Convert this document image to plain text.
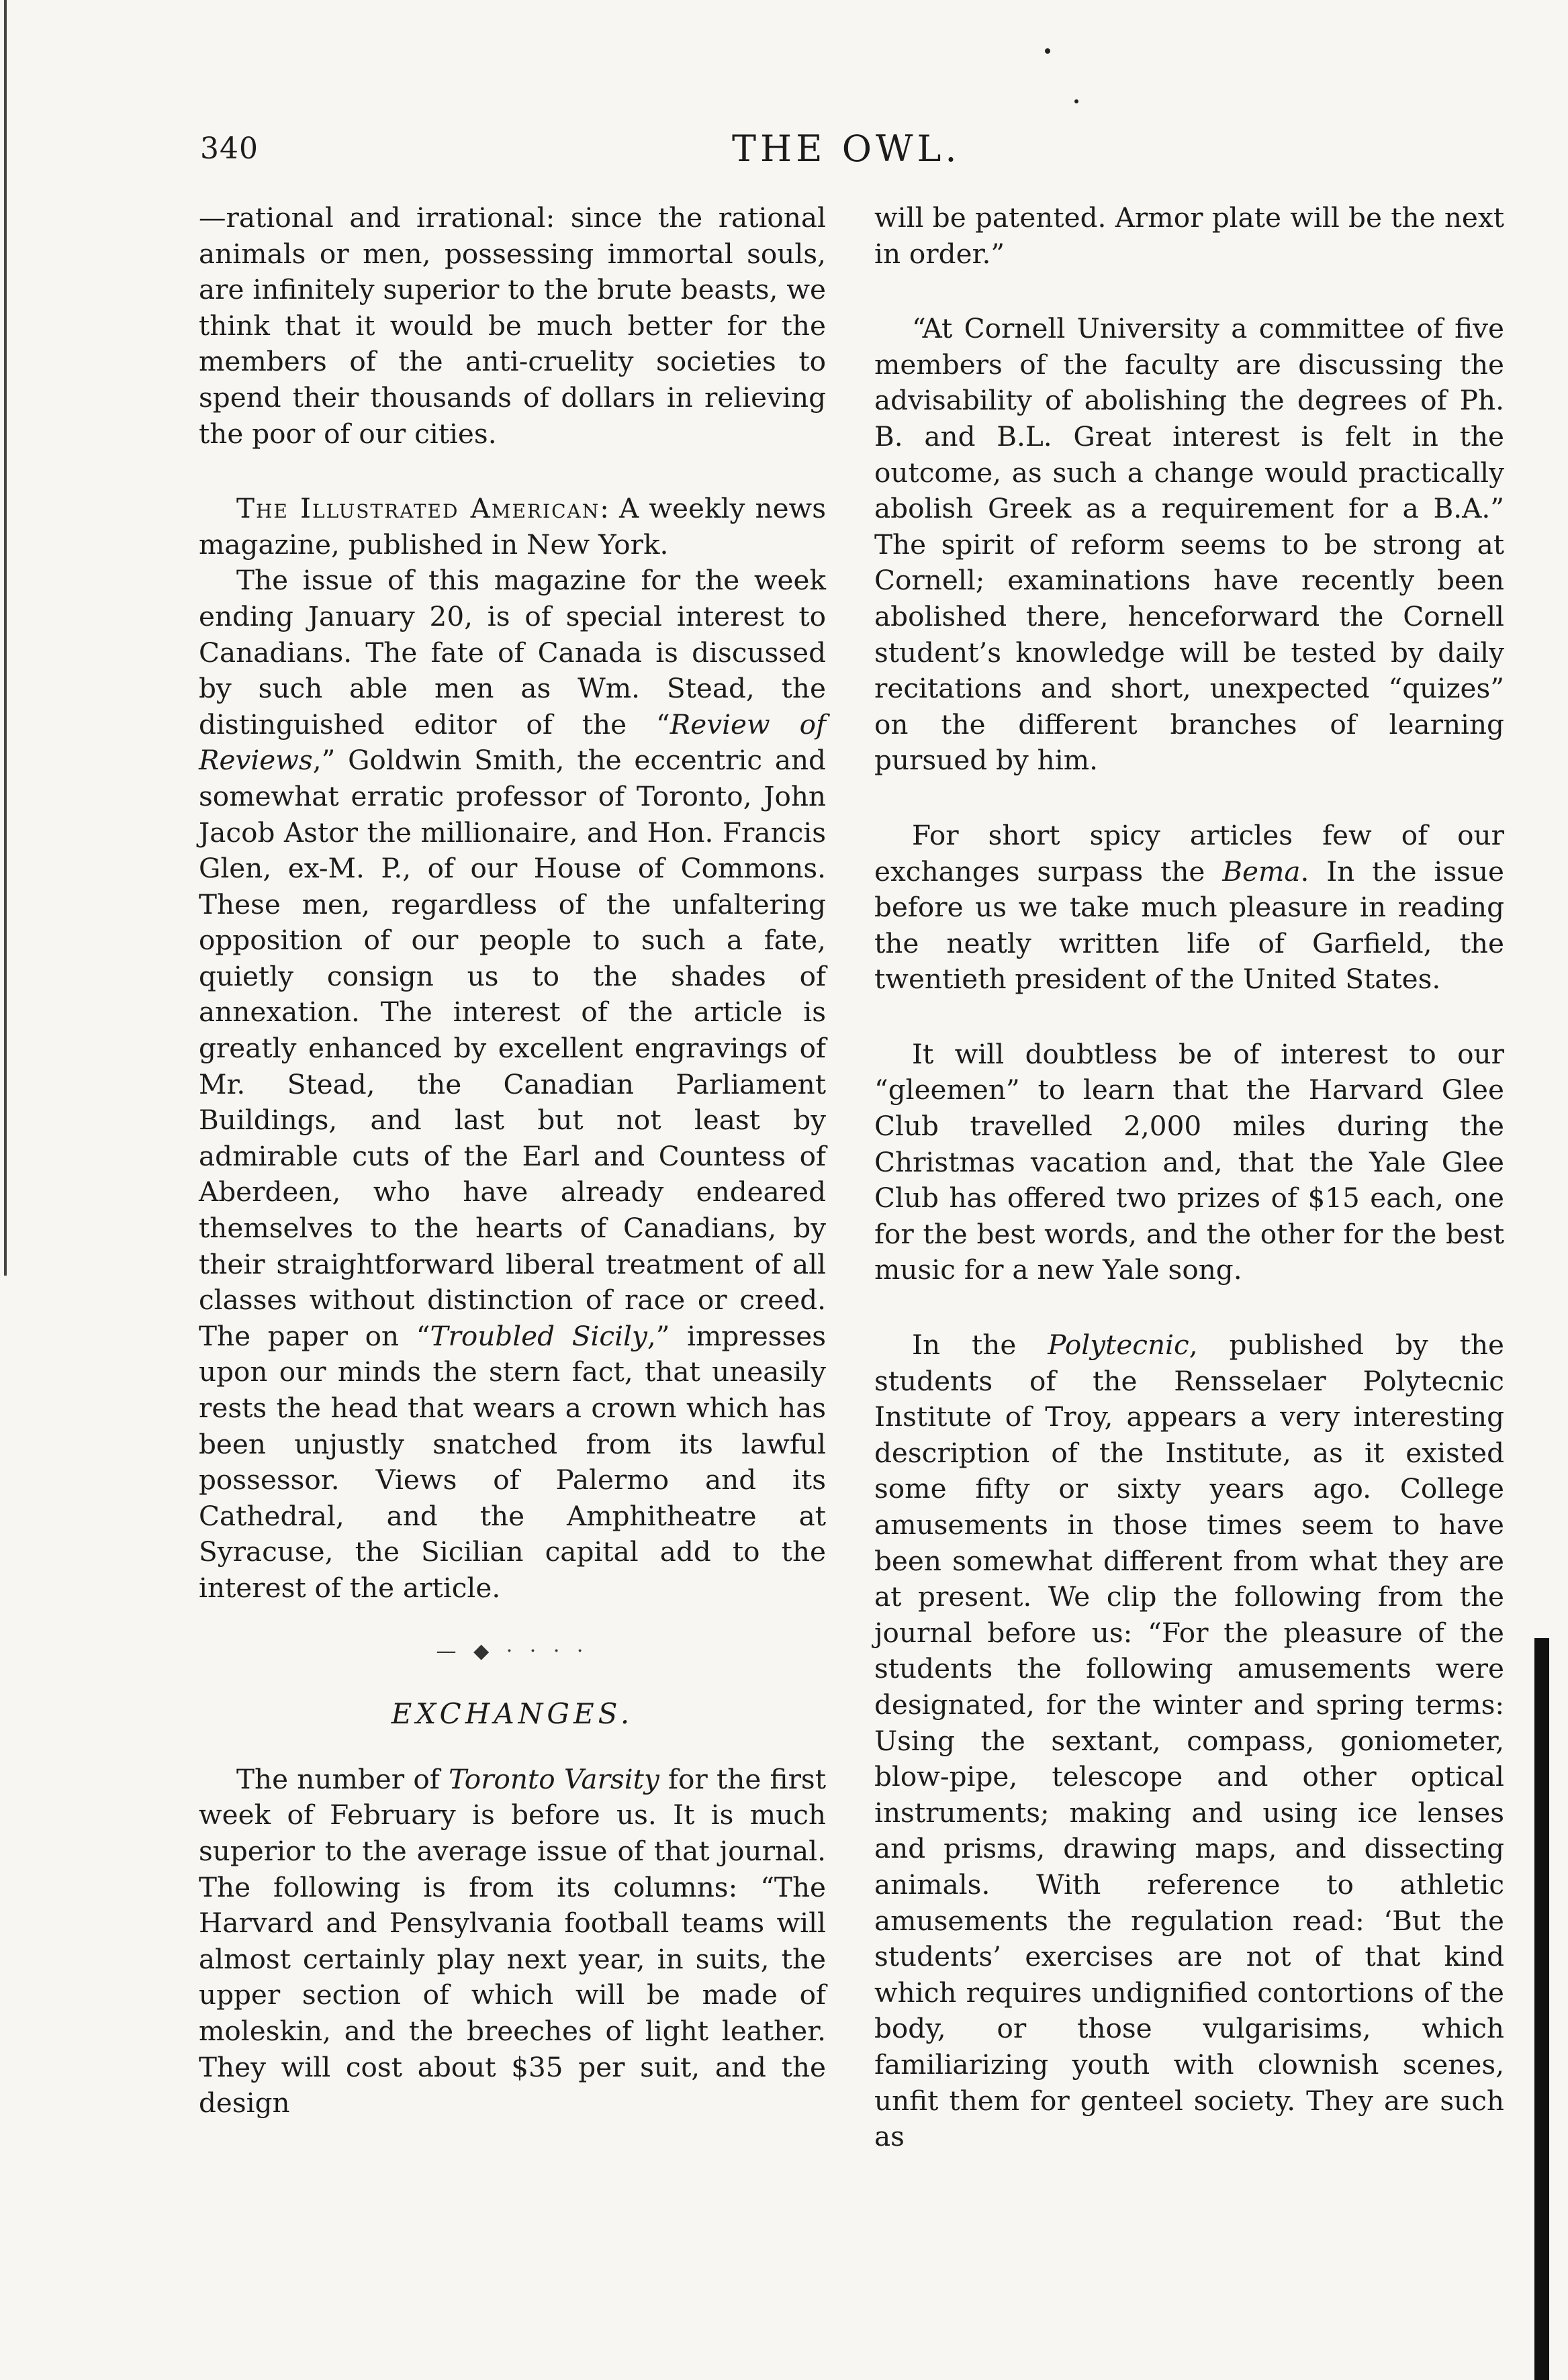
340	THE OWL.

—rational and irrational: since the rational animals or men, possessing immortal souls, are infinitely superior to the brute beasts, we think that it would be much better for the members of the anti-cruelity societies to spend their thousands of dollars in relieving the poor of our cities.

The Illustrated American: A weekly news magazine, published in New York.

The issue of this magazine for the week ending January 20, is of special interest to Canadians. The fate of Canada is discussed by such able men as Wm. Stead, the distinguished editor of the “Review of Reviews,” Goldwin Smith, the eccentric and somewhat erratic professor of Toronto, John Jacob Astor the millionaire, and Hon. Francis Glen, ex-M. P., of our House of Commons. These men, regardless of the unfaltering opposition of our people to such a fate, quietly consign us to the shades of annexation. The interest of the article is greatly enhanced by excellent engravings of Mr. Stead, the Canadian Parliament Buildings, and last but not least by admirable cuts of the Earl and Countess of Aberdeen, who have already endeared themselves to the hearts of Canadians, by their straightforward liberal treatment of all classes without distinction of race or creed. The paper on “Troubled Sicily,” impresses upon our minds the stern fact, that uneasily rests the head that wears a crown which has been unjustly snatched from its lawful possessor. Views of Palermo and its Cathedral, and the Amphitheatre at Syracuse, the Sicilian capital add to the interest of the article.

— ◆ · · · ·
EXCHANGES.

The number of Toronto Varsity for the first week of February is before us. It is much superior to the average issue of that journal. The following is from its columns: “The Harvard and Pensylvania football teams will almost certainly play next year, in suits, the upper section of which will be made of moleskin, and the breeches of light leather. They will cost about $35 per suit, and the design

will be patented. Armor plate will be the next in order.”

“At Cornell University a committee of five members of the faculty are discussing the advisability of abolishing the degrees of Ph. B. and B.L. Great interest is felt in the outcome, as such a change would practically abolish Greek as a requirement for a B.A.” The spirit of reform seems to be strong at Cornell; examinations have recently been abolished there, henceforward the Cornell student’s knowledge will be tested by daily recitations and short, unexpected “quizes” on the different branches of learning pursued by him.

For short spicy articles few of our exchanges surpass the Bema. In the issue before us we take much pleasure in reading the neatly written life of Garfield, the twentieth president of the United States.

It will doubtless be of interest to our “gleemen” to learn that the Harvard Glee Club travelled 2,000 miles during the Christmas vacation and, that the Yale Glee Club has offered two prizes of $15 each, one for the best words, and the other for the best music for a new Yale song.

In the Polytecnic, published by the students of the Rensselaer Polytecnic Institute of Troy, appears a very interesting description of the Institute, as it existed some fifty or sixty years ago. College amusements in those times seem to have been somewhat different from what they are at present. We clip the following from the journal before us: “For the pleasure of the students the following amusements were designated, for the winter and spring terms: Using the sextant, compass, goniometer, blow-pipe, telescope and other optical instruments; making and using ice lenses and prisms, drawing maps, and dissecting animals. With reference to athletic amusements the regulation read: ‘But the students’ exercises are not of that kind which requires undignified contortions of the body, or those vulgarisims, which familiarizing youth with clownish scenes, unfit them for genteel society. They are such as
